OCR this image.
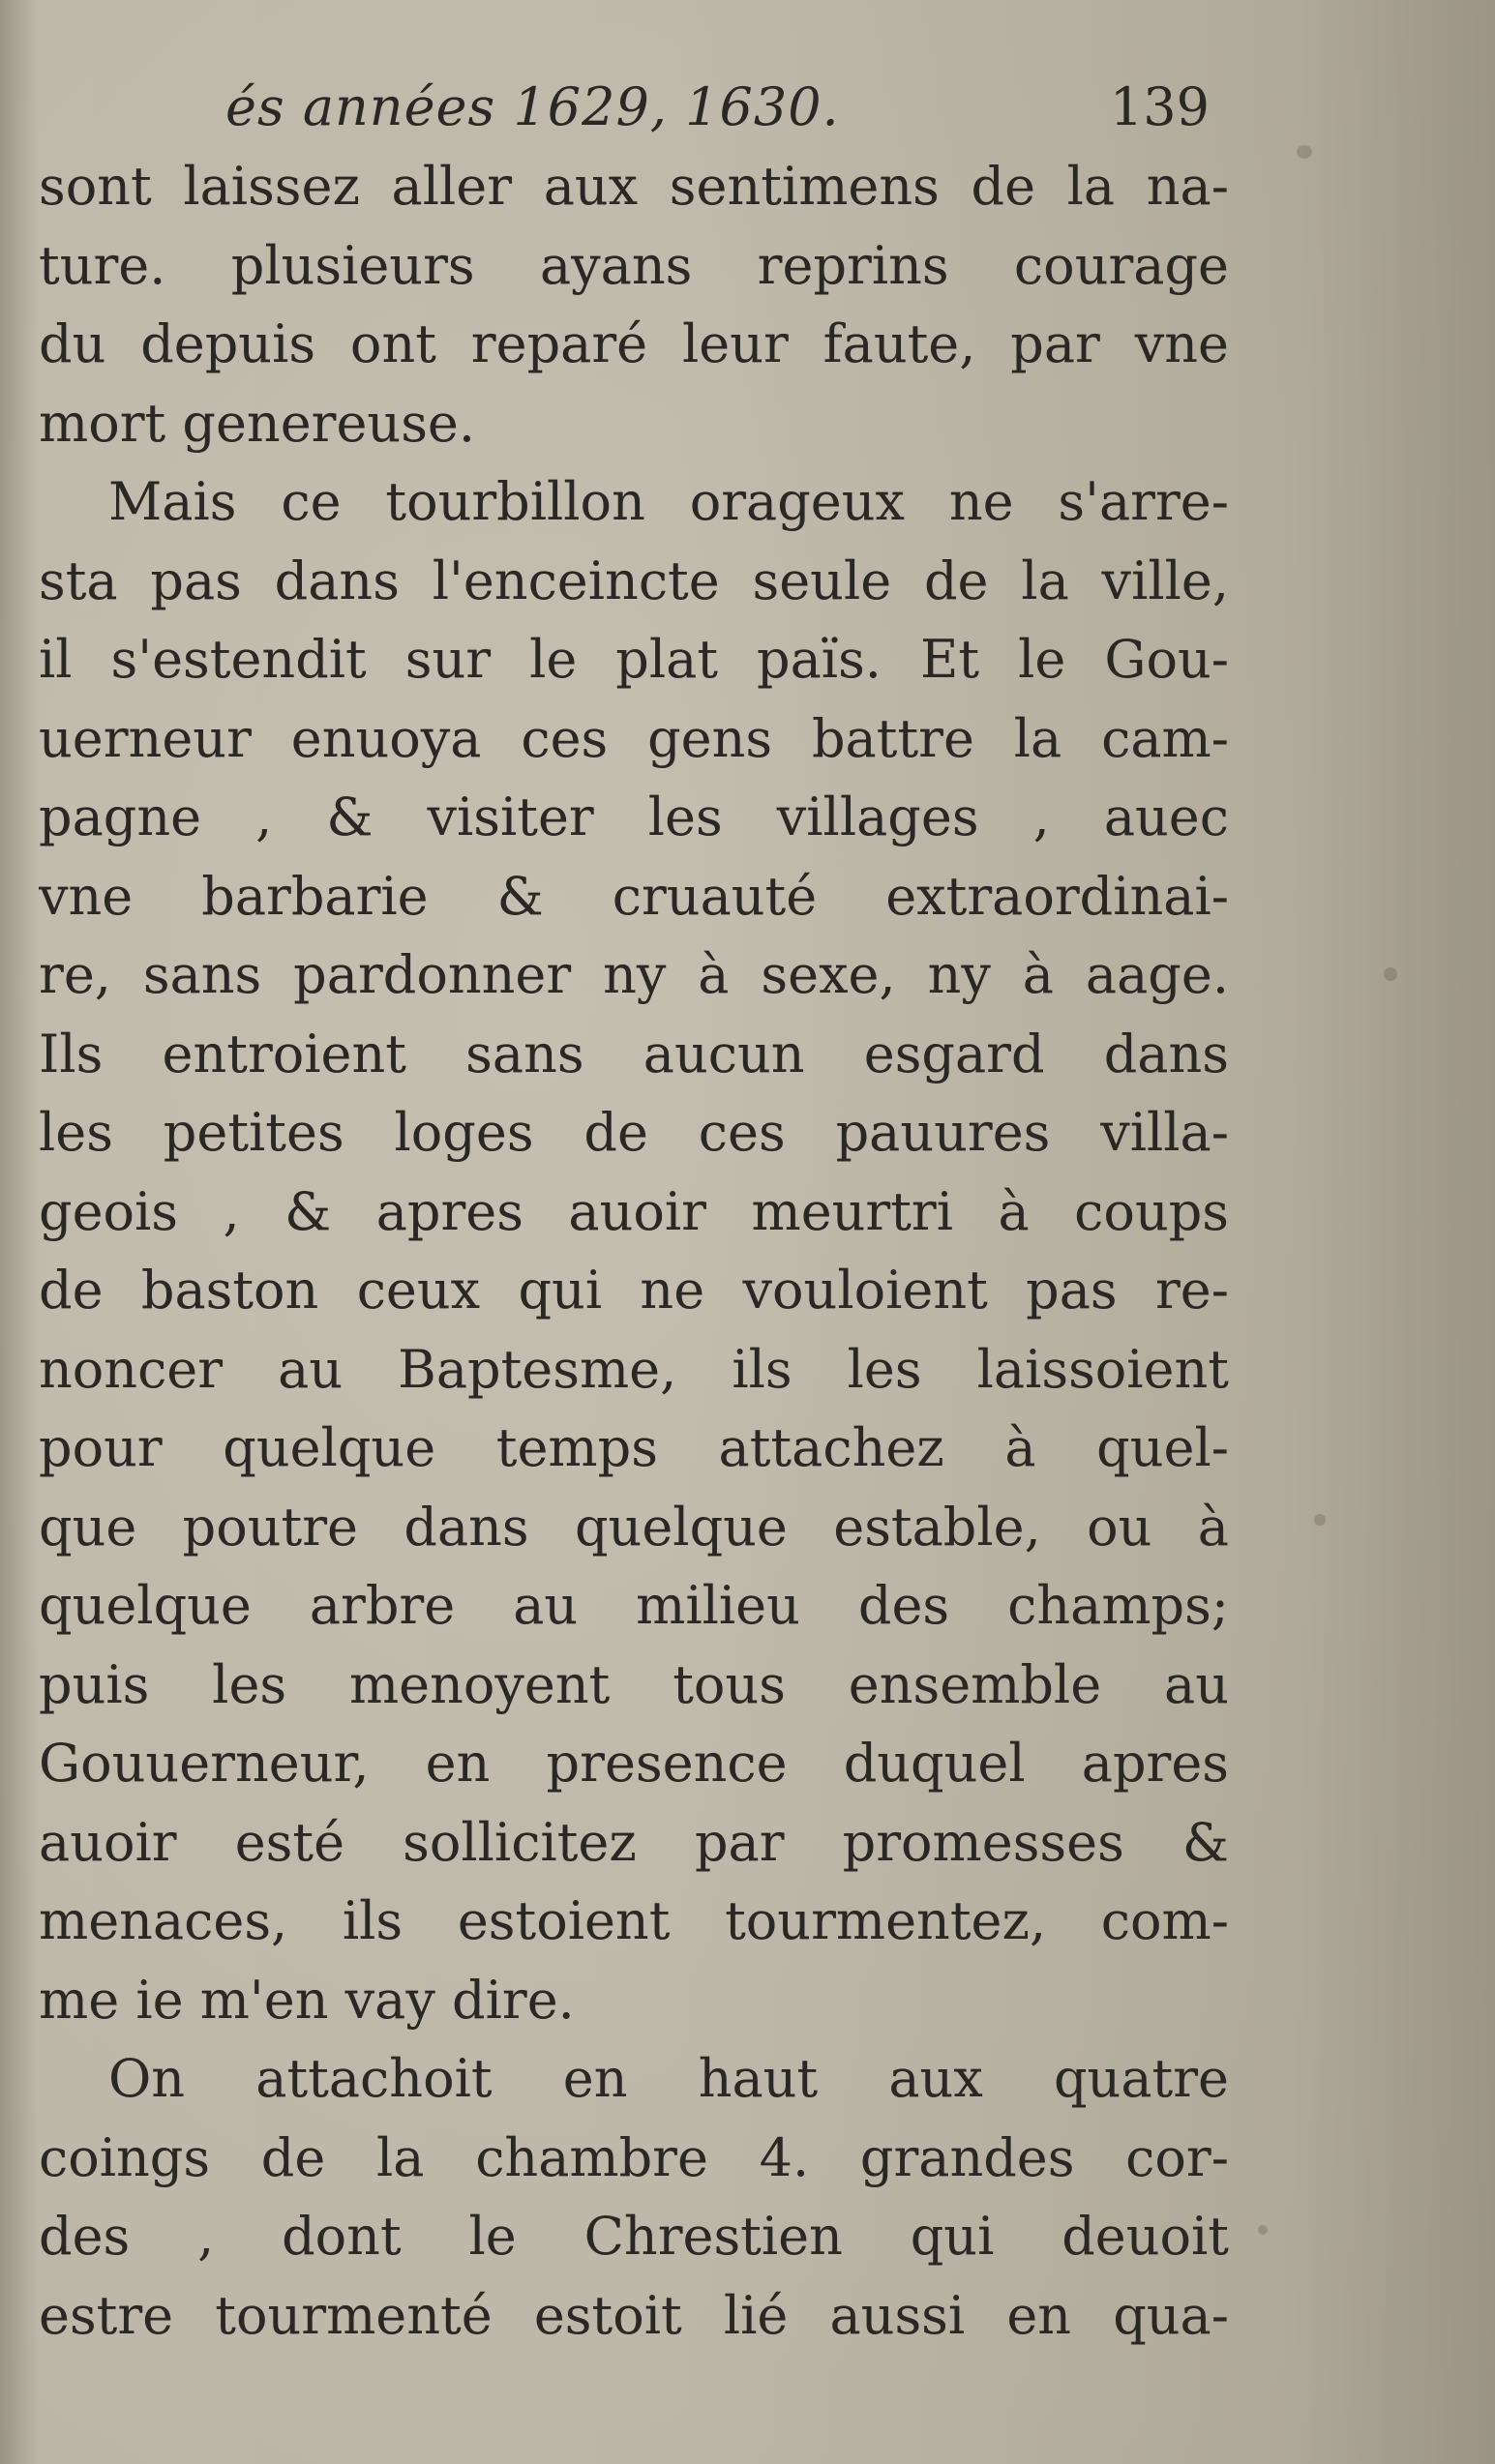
és années 1629, 1630.	139
sont laissez aller aux sentimens de la na-
ture. plusieurs ayans reprins courage
du depuis ont reparé leur faute, par vne
mort genereuse.
Mais ce tourbillon orageux ne s'arre-
sta pas dans l'enceincte seule de la ville,
il s'estendit sur le plat païs. Et le Gou-
uerneur enuoya ces gens battre la cam-
pagne , & visiter les villages , auec
vne barbarie & cruauté extraordinai-
re, sans pardonner ny à sexe, ny à aage.
Ils entroient sans aucun esgard dans
les petites loges de ces pauures villa-
geois , & apres auoir meurtri à coups
de baston ceux qui ne vouloient pas re-
noncer au Baptesme, ils les laissoient
pour quelque temps attachez à quel-
que poutre dans quelque estable, ou à
quelque arbre au milieu des champs;
puis les menoyent tous ensemble au
Gouuerneur, en presence duquel apres
auoir esté sollicitez par promesses &
menaces, ils estoient tourmentez, com-
me ie m'en vay dire.
On attachoit en haut aux quatre
coings de la chambre 4. grandes cor-
des , dont le Chrestien qui deuoit
estre tourmenté estoit lié aussi en qua-
